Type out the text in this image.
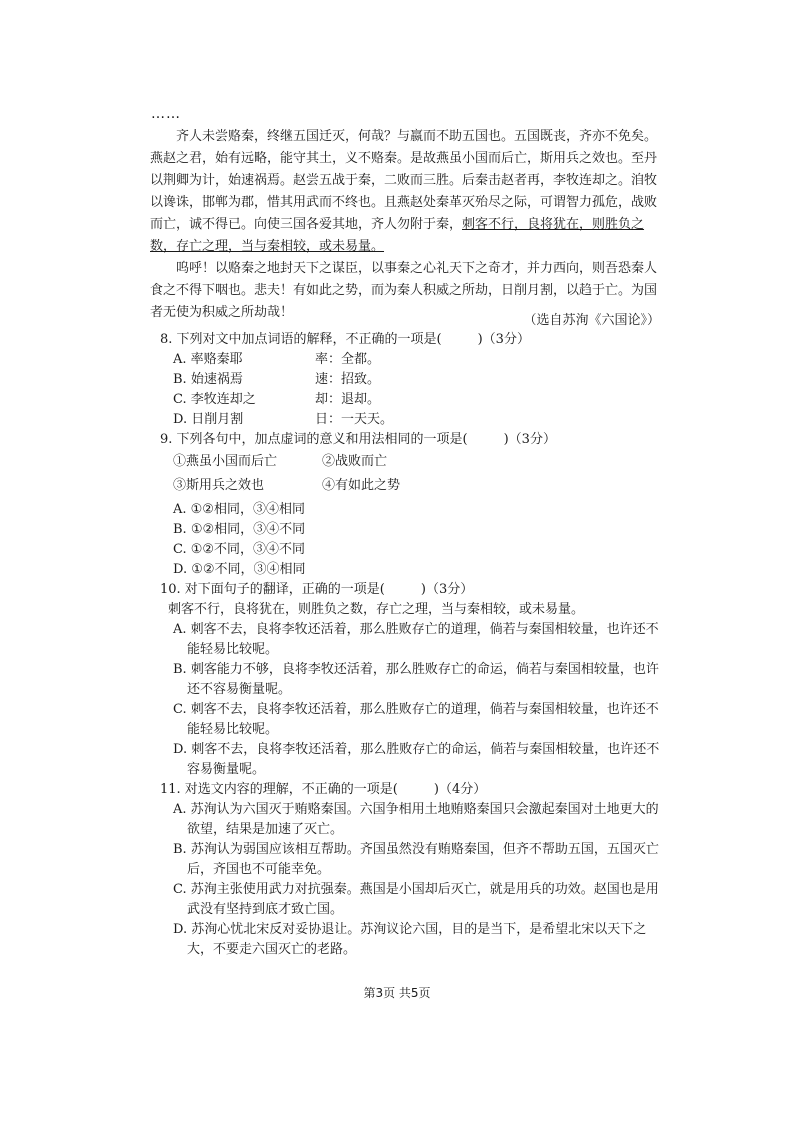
……

齐人未尝赂秦，终继五国迁灭，何哉？与嬴而不助五国也。五国既丧，齐亦不免矣。燕赵之君，始有远略，能守其土，义不赂秦。是故燕虽小国而后亡，斯用兵之效也。至丹以荆卿为计，始速祸焉。赵尝五战于秦，二败而三胜。后秦击赵者再，李牧连却之。洎牧以谗诛，邯郸为郡，惜其用武而不终也。且燕赵处秦革灭殆尽之际，可谓智力孤危，战败而亡，诚不得已。向使三国各爱其地，齐人勿附于秦，刺客不行，良将犹在，则胜负之数，存亡之理，当与秦相较，或未易量。

呜呼！以赂秦之地封天下之谋臣，以事秦之心礼天下之奇才，并力西向，则吾恐秦人食之不得下咽也。悲夫！有如此之势，而为秦人积威之所劫，日削月割，以趋于亡。为国者无使为积威之所劫哉！

（选自苏洵《六国论》）
8. 下列对文中加点词语的解释，不正确的一项是(	)（3分）
A. 率赂秦耶	率：全都。
B. 始速祸焉	速：招致。
C. 李牧连却之	却：退却。
D. 日削月割	日：一天天。
9. 下列各句中，加点虚词的意义和用法相同的一项是(	)（3分）
①燕虽小国而后亡	②战败而亡
③斯用兵之效也	④有如此之势
A. ①②相同，③④相同
B. ①②相同，③④不同
C. ①②不同，③④不同
D. ①②不同，③④相同
10. 对下面句子的翻译，正确的一项是(	)（3分）
刺客不行，良将犹在，则胜负之数，存亡之理，当与秦相较，或未易量。
A. 刺客不去，良将李牧还活着，那么胜败存亡的道理，倘若与秦国相较量，也许还不能轻易比较呢。
B. 刺客能力不够，良将李牧还活着，那么胜败存亡的命运，倘若与秦国相较量，也许还不容易衡量呢。
C. 刺客不去，良将李牧还活着，那么胜败存亡的道理，倘若与秦国相较量，也许还不能轻易比较呢。
D. 刺客不去，良将李牧还活着，那么胜败存亡的命运，倘若与秦国相较量，也许还不容易衡量呢。
11. 对选文内容的理解，不正确的一项是(	)（4分）
A. 苏洵认为六国灭于贿赂秦国。六国争相用土地贿赂秦国只会激起秦国对土地更大的欲望，结果是加速了灭亡。
B. 苏洵认为弱国应该相互帮助。齐国虽然没有贿赂秦国，但齐不帮助五国，五国灭亡后，齐国也不可能幸免。
C. 苏洵主张使用武力对抗强秦。燕国是小国却后灭亡，就是用兵的功效。赵国也是用武没有坚持到底才致亡国。
D. 苏洵心忧北宋反对妥协退让。苏洵议论六国，目的是当下，是希望北宋以天下之大，不要走六国灭亡的老路。
第3页 共5页
